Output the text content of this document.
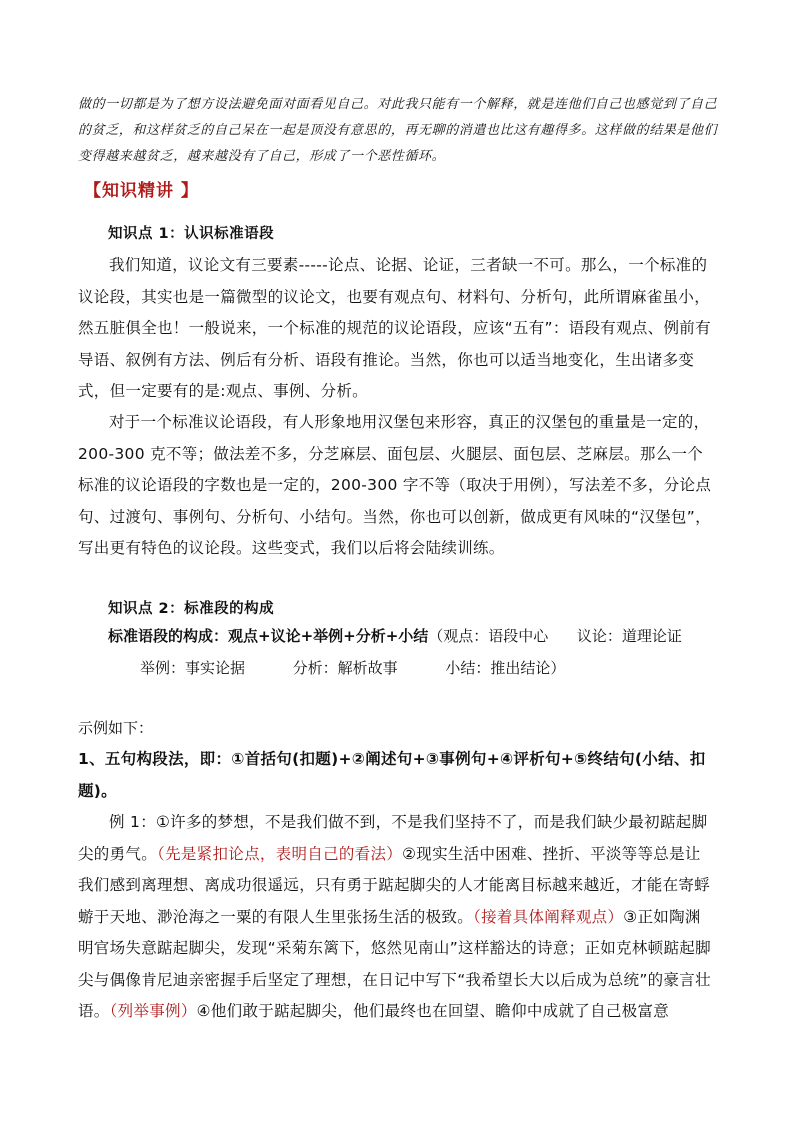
做的一切都是为了想方设法避免面对面看见自己。对此我只能有一个解释，就是连他们自己也感觉到了自己的贫乏，和这样贫乏的自己呆在一起是顶没有意思的，再无聊的消遣也比这有趣得多。这样做的结果是他们变得越来越贫乏，越来越没有了自己，形成了一个恶性循环。
【知识精讲 】
知识点 1：认识标准语段
我们知道，议论文有三要素-----论点、论据、论证，三者缺一不可。那么，一个标准的议论段，其实也是一篇微型的议论文，也要有观点句、材料句、分析句，此所谓麻雀虽小，然五脏俱全也！一般说来，一个标准的规范的议论语段，应该“五有”：语段有观点、例前有导语、叙例有方法、例后有分析、语段有推论。当然，你也可以适当地变化，生出诸多变式，但一定要有的是:观点、事例、分析。
对于一个标准议论语段，有人形象地用汉堡包来形容，真正的汉堡包的重量是一定的，200-300 克不等；做法差不多，分芝麻层、面包层、火腿层、面包层、芝麻层。那么一个标准的议论语段的字数也是一定的，200-300 字不等（取决于用例），写法差不多，分论点句、过渡句、事例句、分析句、小结句。当然，你也可以创新，做成更有风味的“汉堡包”，写出更有特色的议论段。这些变式，我们以后将会陆续训练。
知识点 2：标准段的构成
标准语段的构成：观点+议论+举例+分析+小结（观点：语段中心      议论：道理论证
举例：事实论据          分析：解析故事          小结：推出结论）
示例如下：
1、五句构段法，即：①首括句(扣题)+②阐述句+③事例句+④评析句+⑤终结句(小结、扣题)。
例 1：①许多的梦想，不是我们做不到，不是我们坚持不了，而是我们缺少最初踮起脚尖的勇气。（先是紧扣论点，表明自己的看法）②现实生活中困难、挫折、平淡等等总是让我们感到离理想、离成功很遥远，只有勇于踮起脚尖的人才能离目标越来越近，才能在寄蜉蝣于天地、渺沧海之一粟的有限人生里张扬生活的极致。（接着具体阐释观点）③正如陶渊明官场失意踮起脚尖，发现“采菊东篱下，悠然见南山”这样豁达的诗意；正如克林顿踮起脚尖与偶像肯尼迪亲密握手后坚定了理想，在日记中写下“我希望长大以后成为总统”的豪言壮语。（列举事例）④他们敢于踮起脚尖，他们最终也在回望、瞻仰中成就了自己极富意
